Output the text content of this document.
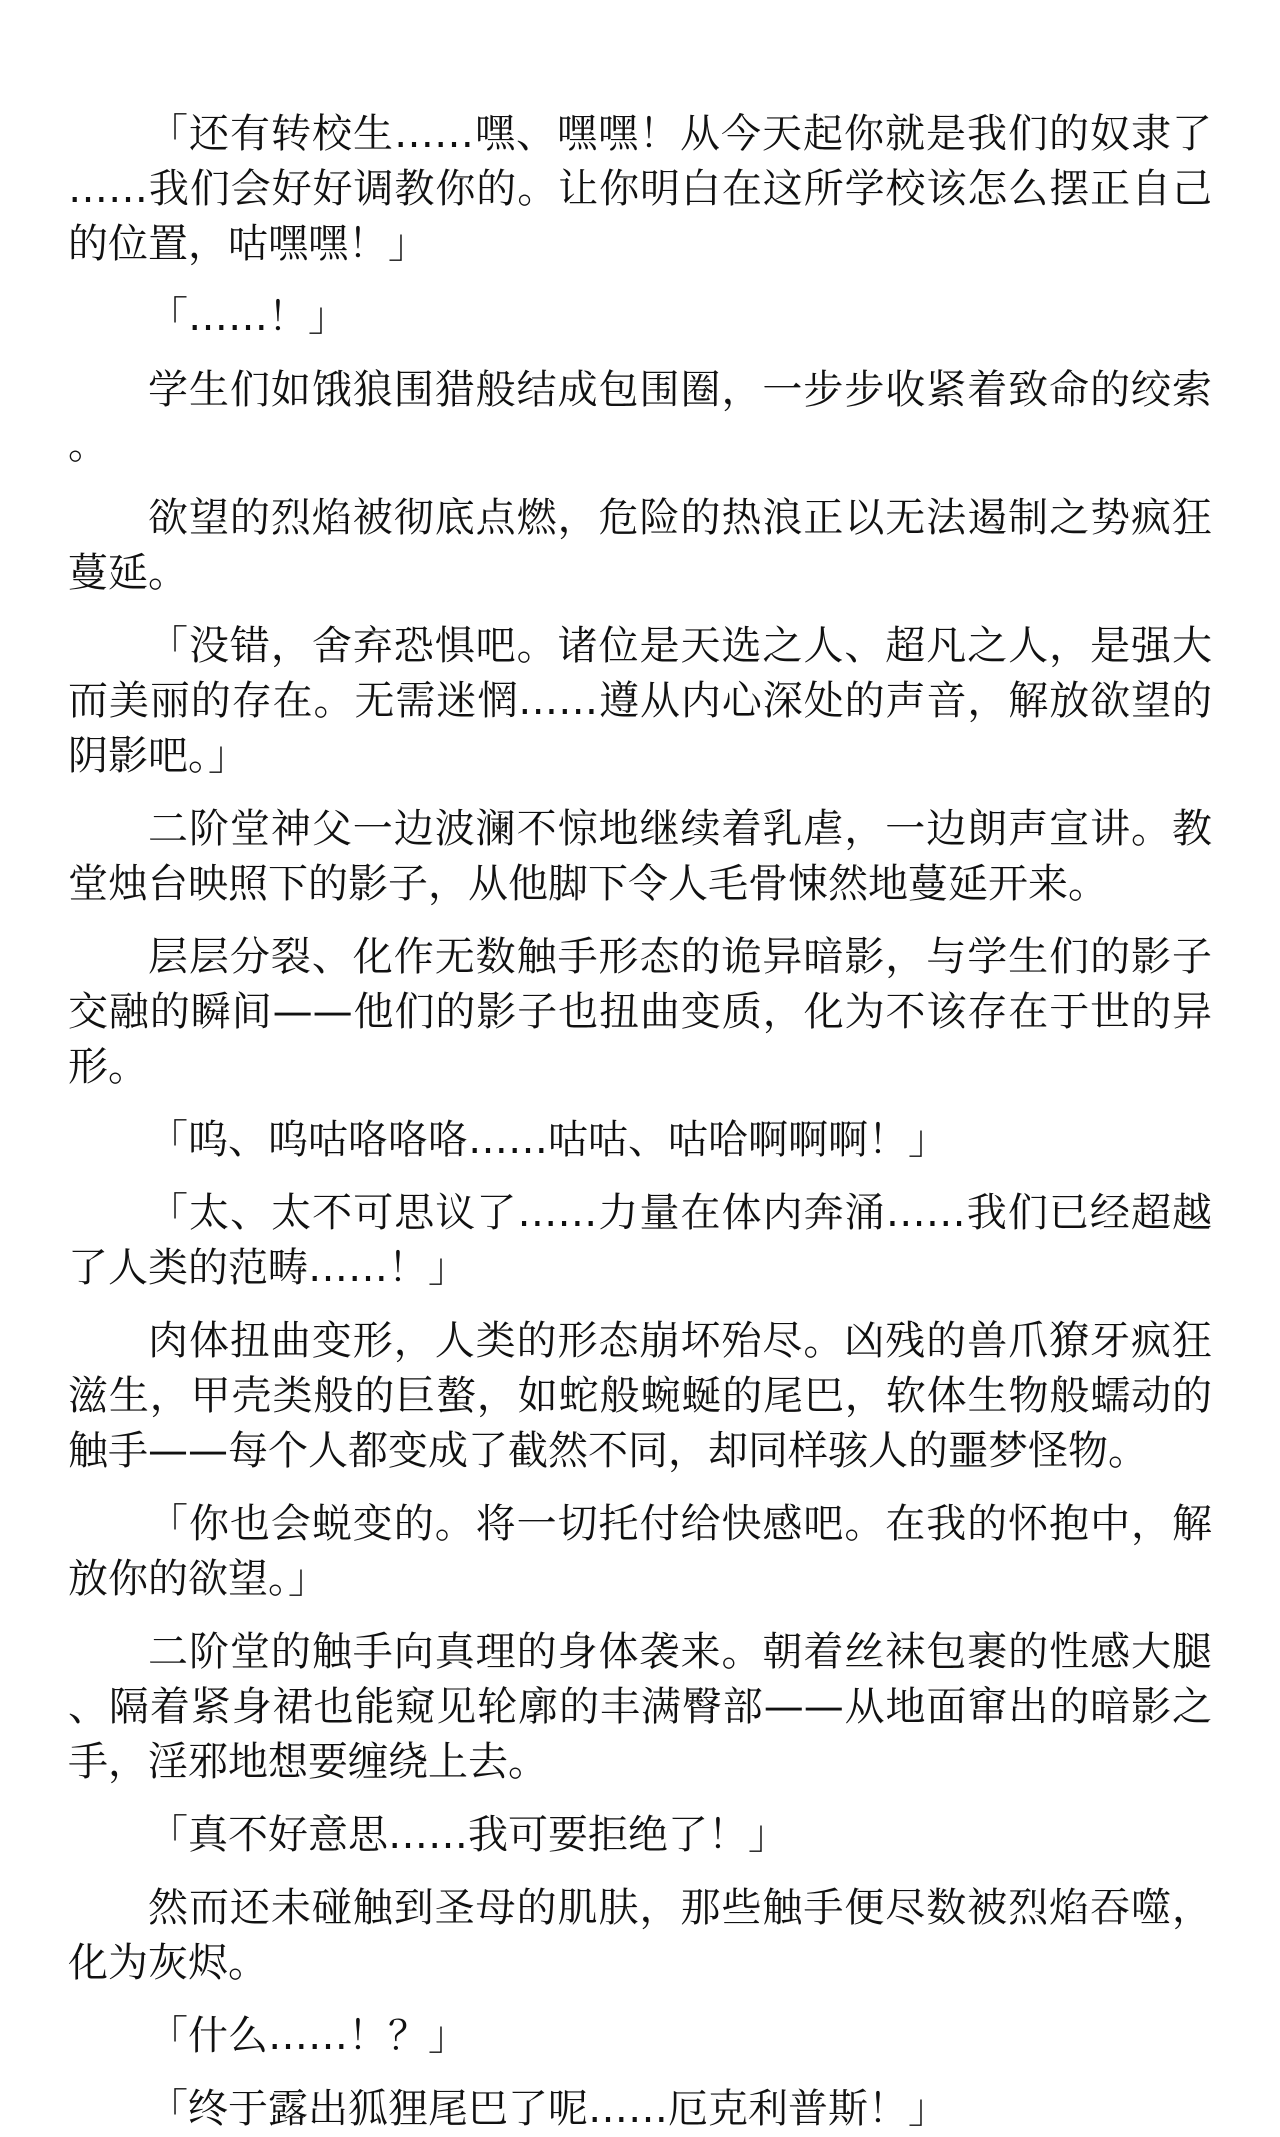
「还有转校生……嘿、嘿嘿！从今天起你就是我们的奴隶了……我们会好好调教你的。让你明白在这所学校该怎么摆正自己的位置，咕嘿嘿！」

「……！」

学生们如饿狼围猎般结成包围圈，一步步收紧着致命的绞索。

欲望的烈焰被彻底点燃，危险的热浪正以无法遏制之势疯狂蔓延。

「没错，舍弃恐惧吧。诸位是天选之人、超凡之人，是强大而美丽的存在。无需迷惘……遵从内心深处的声音，解放欲望的阴影吧。」

二阶堂神父一边波澜不惊地继续着乳虐，一边朗声宣讲。教堂烛台映照下的影子，从他脚下令人毛骨悚然地蔓延开来。

层层分裂、化作无数触手形态的诡异暗影，与学生们的影子交融的瞬间——他们的影子也扭曲变质，化为不该存在于世的异形。

「呜、呜咕咯咯咯……咕咕、咕哈啊啊啊！」

「太、太不可思议了……力量在体内奔涌……我们已经超越了人类的范畴……！」

肉体扭曲变形，人类的形态崩坏殆尽。凶残的兽爪獠牙疯狂滋生，甲壳类般的巨螯，如蛇般蜿蜒的尾巴，软体生物般蠕动的触手——每个人都变成了截然不同，却同样骇人的噩梦怪物。

「你也会蜕变的。将一切托付给快感吧。在我的怀抱中，解放你的欲望。」

二阶堂的触手向真理的身体袭来。朝着丝袜包裹的性感大腿、隔着紧身裙也能窥见轮廓的丰满臀部——从地面窜出的暗影之手，淫邪地想要缠绕上去。

「真不好意思……我可要拒绝了！」

然而还未碰触到圣母的肌肤，那些触手便尽数被烈焰吞噬，化为灰烬。

「什么……！？」

「终于露出狐狸尾巴了呢……厄克利普斯！」
